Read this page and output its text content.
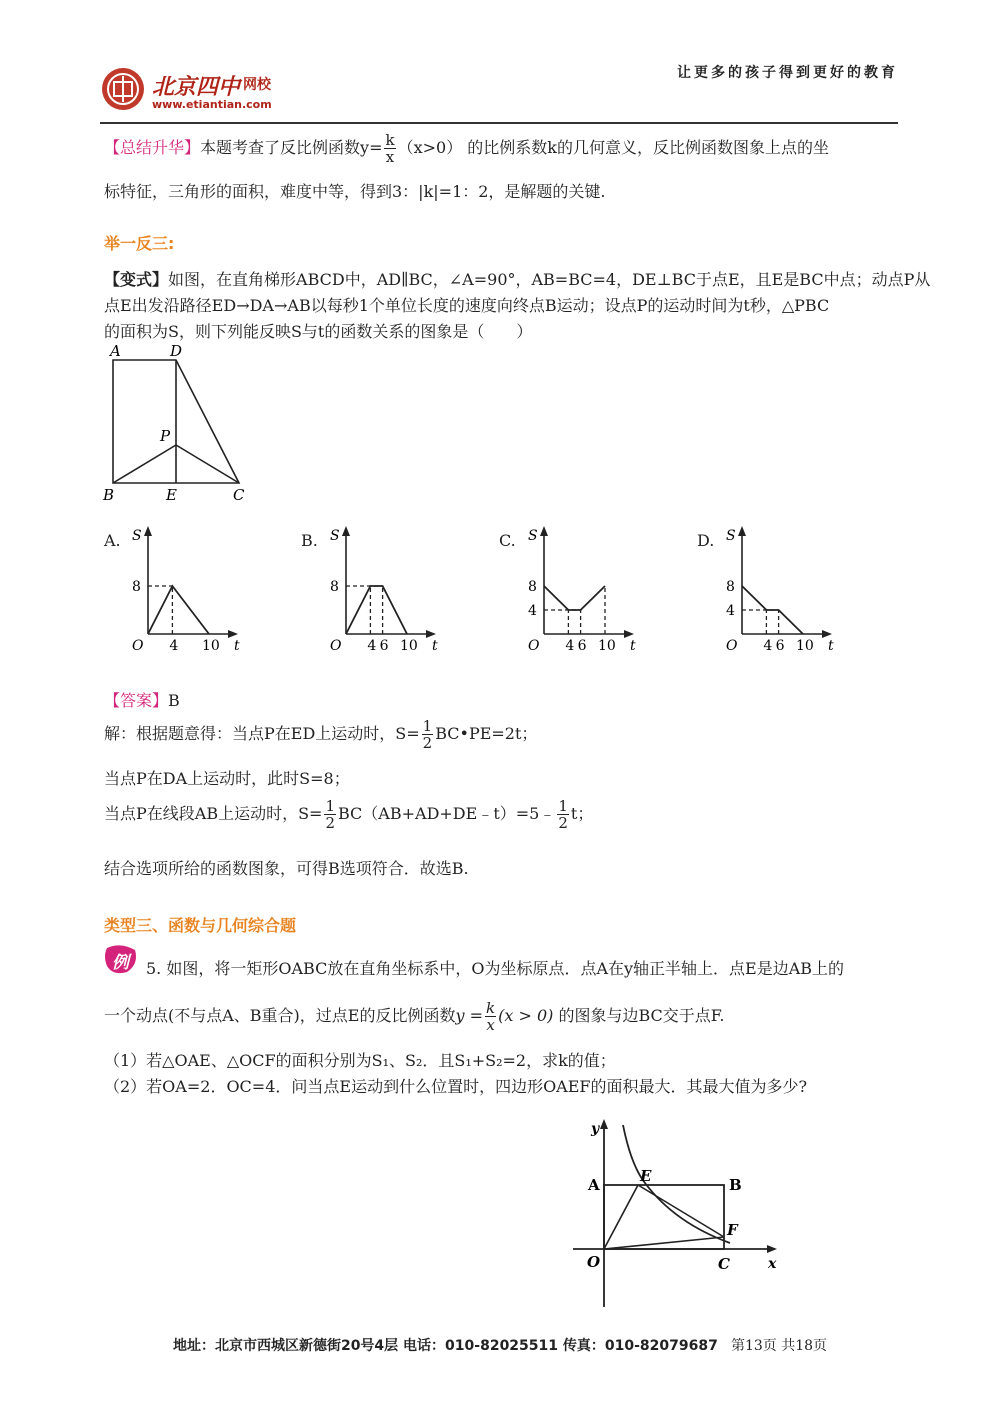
北京四中 网校
www.etiantian.com
让更多的孩子得到更好的教育
【总结升华】本题考查了反比例函数$y= \frac{k}{x} (x>0)$ 的比例系数k的几何意义，反比例函数图象上点的坐
标特征，三角形的面积，难度中等，得到3：|k|=1：2，是解题的关键.
举一反三:
【变式】如图，在直角梯形ABCD中，AD∥BC，∠A=90°，AB=BC=4，DE⊥BC于点E，且E是BC中点；动点P从
点E出发沿路径ED→DA→AB以每秒1个单位长度的速度向终点B运动；设点P的运动时间为t秒，△PBC
的面积为S，则下列能反映S与t的函数关系的图象是（　　）
A	D
P
B	E	C
A.	B.	C.	D.
S
O	t
8
4 10
S
O	t
8
4 6 10
S
O	t
8
4
4 6 10
S
O	t
8
4
4 6 10
【答案】B
解：根据题意得：当点P在ED上运动时，$S= \frac{1}{2}$ BC•PE=2t；
当点P在DA上运动时，此时S=8；
当点P在线段AB上运动时，$S= \frac{1}{2}$ BC（AB+AD+DE﹣t）=5﹣ $\frac{1}{2}$ t；
结合选项所给的函数图象，可得B选项符合．故选B.
类型三、函数与几何综合题
例 5. 如图，将一矩形OABC放在直角坐标系中，O为坐标原点．点A在y轴正半轴上．点E是边AB上的
一个动点(不与点A、B重合)，过点E的反比例函数$y = \frac{k}{x} (x > 0)$ 的图象与边BC交于点F.
（1）若△OAE、△OCF的面积分别为S₁、S₂．且S₁+S₂=2，求k的值；
（2）若OA=2．OC=4．问当点E运动到什么位置时，四边形OAEF的面积最大．其最大值为多少?
y
x
A	E	B
F
O	C
地址：北京市西城区新德街20号4层 电话：010-82025511 传真：010-82079687 第13页 共18页
